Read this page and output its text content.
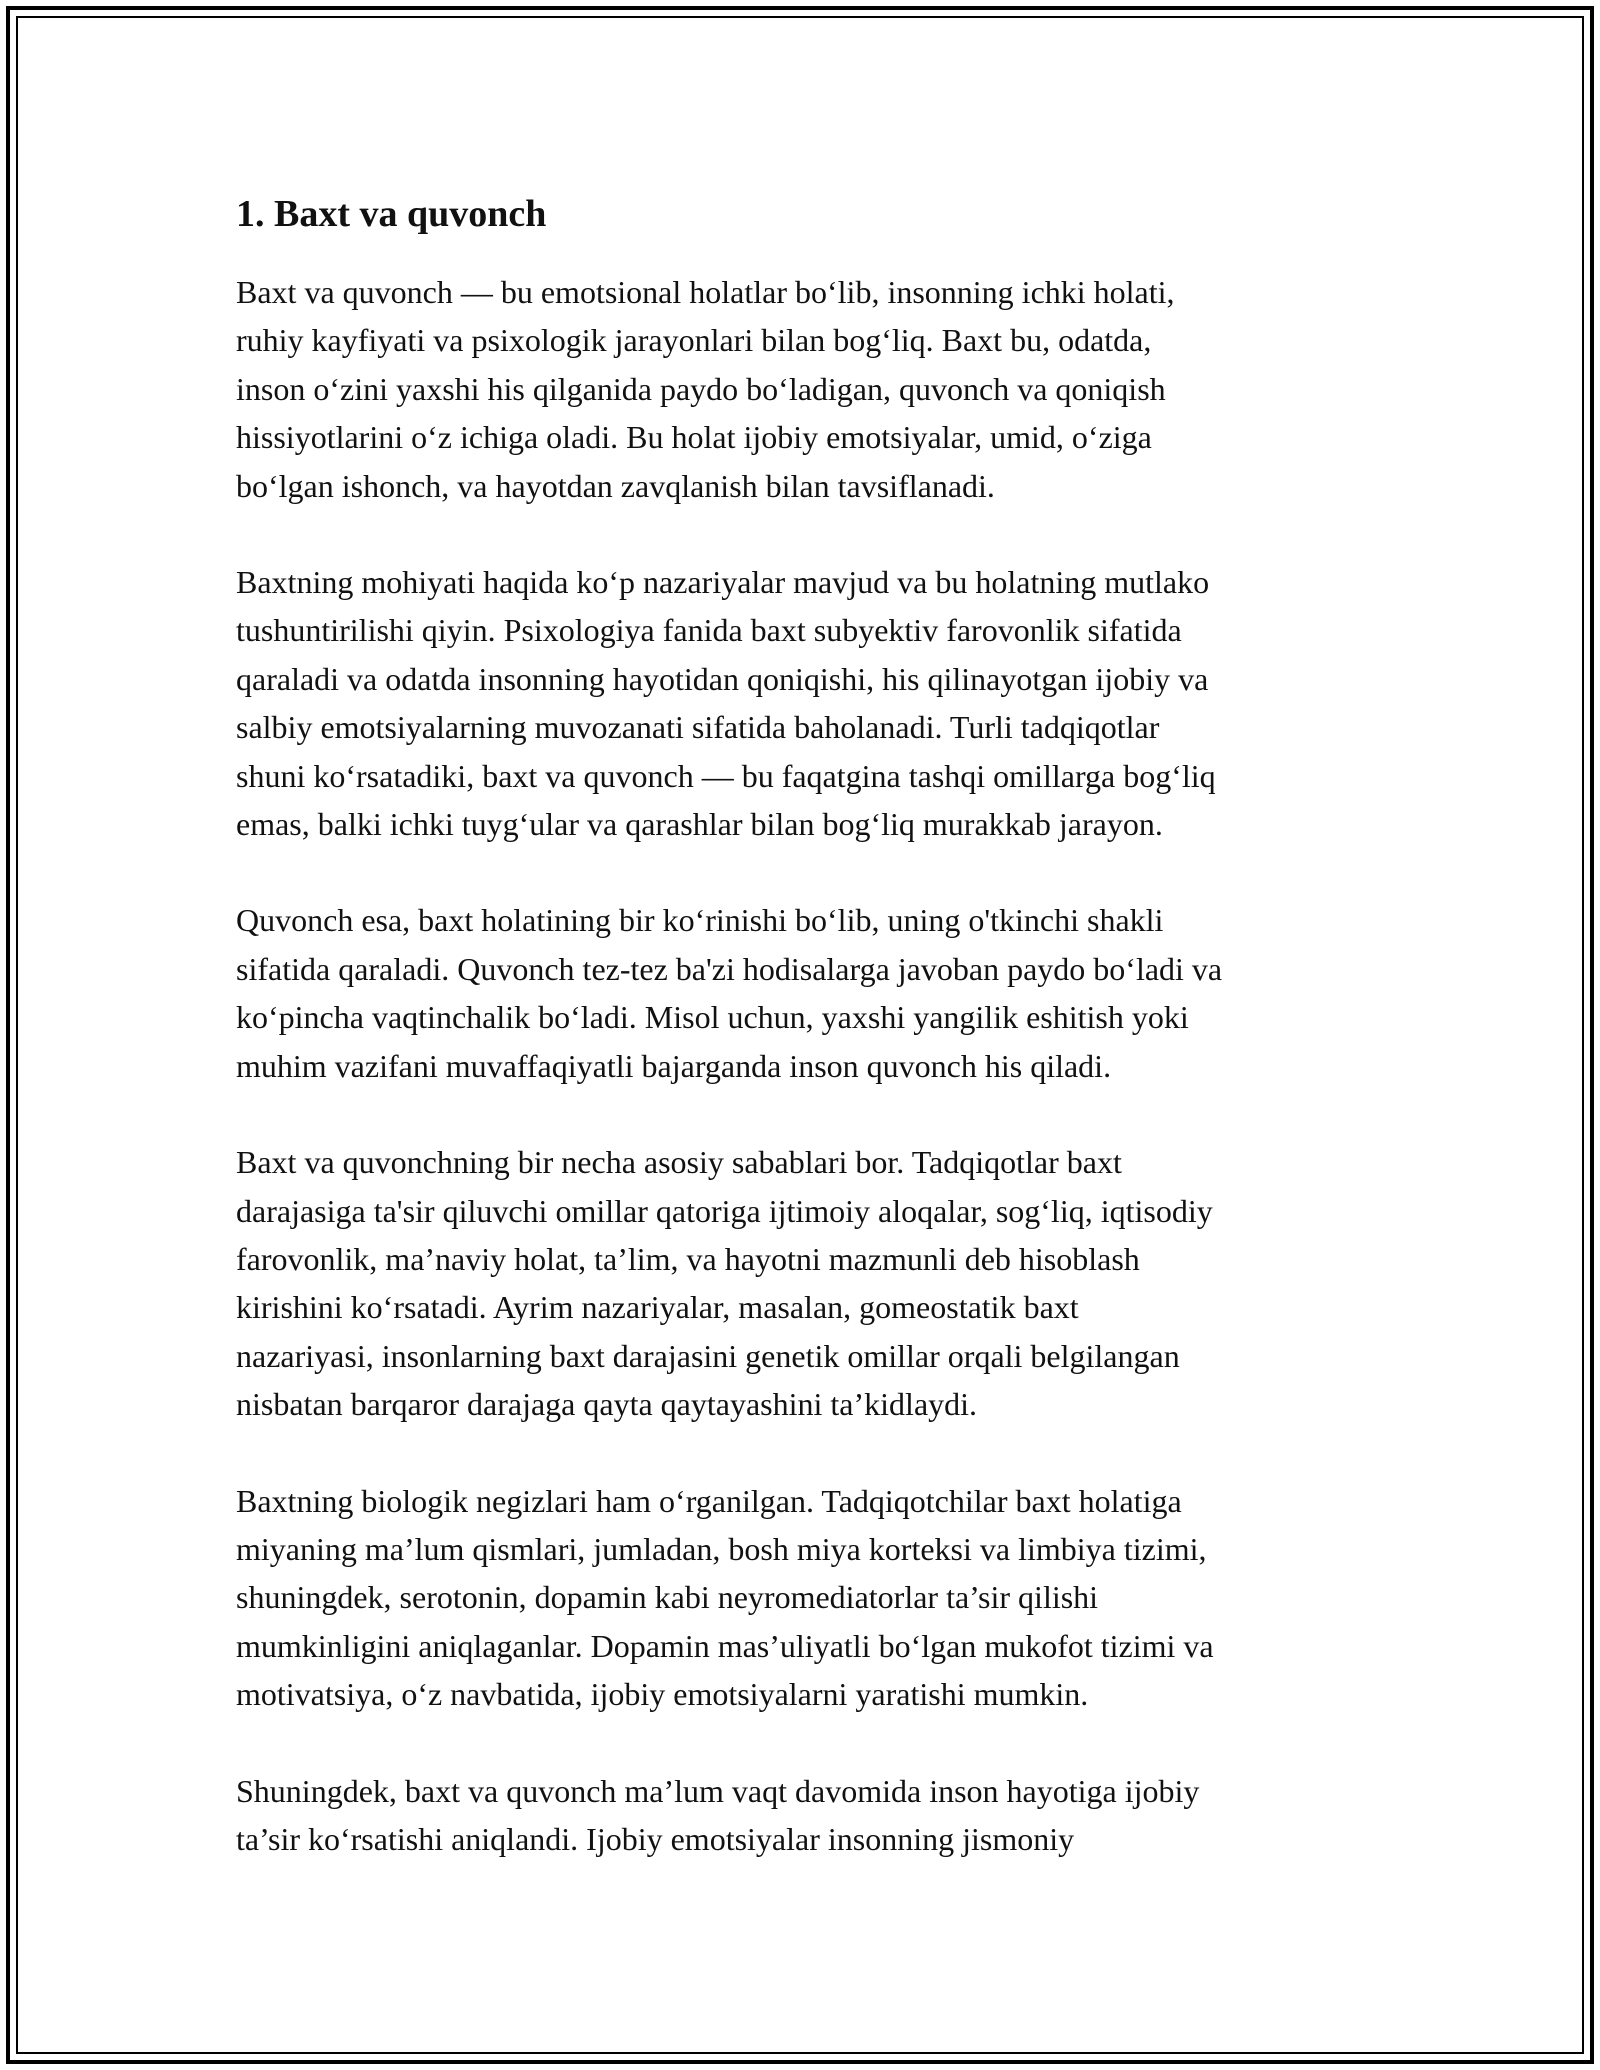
1. Baxt va quvonch

Baxt va quvonch — bu emotsional holatlar bo‘lib, insonning ichki holati,
ruhiy kayfiyati va psixologik jarayonlari bilan bog‘liq. Baxt bu, odatda,
inson o‘zini yaxshi his qilganida paydo bo‘ladigan, quvonch va qoniqish
hissiyotlarini o‘z ichiga oladi. Bu holat ijobiy emotsiyalar, umid, o‘ziga
bo‘lgan ishonch, va hayotdan zavqlanish bilan tavsiflanadi.

Baxtning mohiyati haqida ko‘p nazariyalar mavjud va bu holatning mutlako
tushuntirilishi qiyin. Psixologiya fanida baxt subyektiv farovonlik sifatida
qaraladi va odatda insonning hayotidan qoniqishi, his qilinayotgan ijobiy va
salbiy emotsiyalarning muvozanati sifatida baholanadi. Turli tadqiqotlar
shuni ko‘rsatadiki, baxt va quvonch — bu faqatgina tashqi omillarga bog‘liq
emas, balki ichki tuyg‘ular va qarashlar bilan bog‘liq murakkab jarayon.

Quvonch esa, baxt holatining bir ko‘rinishi bo‘lib, uning o'tkinchi shakli
sifatida qaraladi. Quvonch tez-tez ba'zi hodisalarga javoban paydo bo‘ladi va
ko‘pincha vaqtinchalik bo‘ladi. Misol uchun, yaxshi yangilik eshitish yoki
muhim vazifani muvaffaqiyatli bajarganda inson quvonch his qiladi.

Baxt va quvonchning bir necha asosiy sabablari bor. Tadqiqotlar baxt
darajasiga ta'sir qiluvchi omillar qatoriga ijtimoiy aloqalar, sog‘liq, iqtisodiy
farovonlik, ma’naviy holat, ta’lim, va hayotni mazmunli deb hisoblash
kirishini ko‘rsatadi. Ayrim nazariyalar, masalan, gomeostatik baxt
nazariyasi, insonlarning baxt darajasini genetik omillar orqali belgilangan
nisbatan barqaror darajaga qayta qaytayashini ta’kidlaydi.

Baxtning biologik negizlari ham o‘rganilgan. Tadqiqotchilar baxt holatiga
miyaning ma’lum qismlari, jumladan, bosh miya korteksi va limbiya tizimi,
shuningdek, serotonin, dopamin kabi neyromediatorlar ta’sir qilishi
mumkinligini aniqlaganlar. Dopamin mas’uliyatli bo‘lgan mukofot tizimi va
motivatsiya, o‘z navbatida, ijobiy emotsiyalarni yaratishi mumkin.

Shuningdek, baxt va quvonch ma’lum vaqt davomida inson hayotiga ijobiy
ta’sir ko‘rsatishi aniqlandi. Ijobiy emotsiyalar insonning jismoniy
